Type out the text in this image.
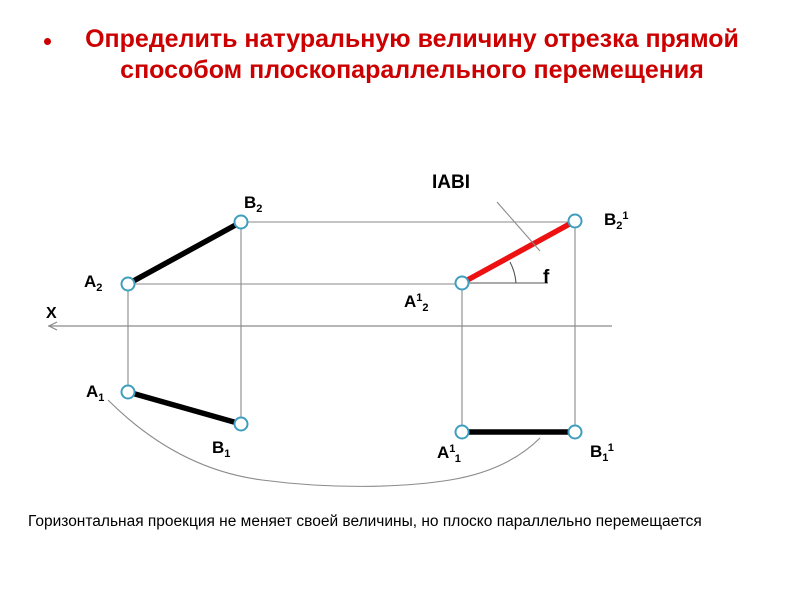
Определить натуральную величину отрезка прямой способом плоскопараллельного перемещения
$A_2$
$B_2$
$A_1$
$B_1$
$A^1_2$
$B_2^1$
$A^1_1$	$B_1^1$
X
IABI
f
Горизонтальная проекция не меняет своей величины, но плоско параллельно перемещается
